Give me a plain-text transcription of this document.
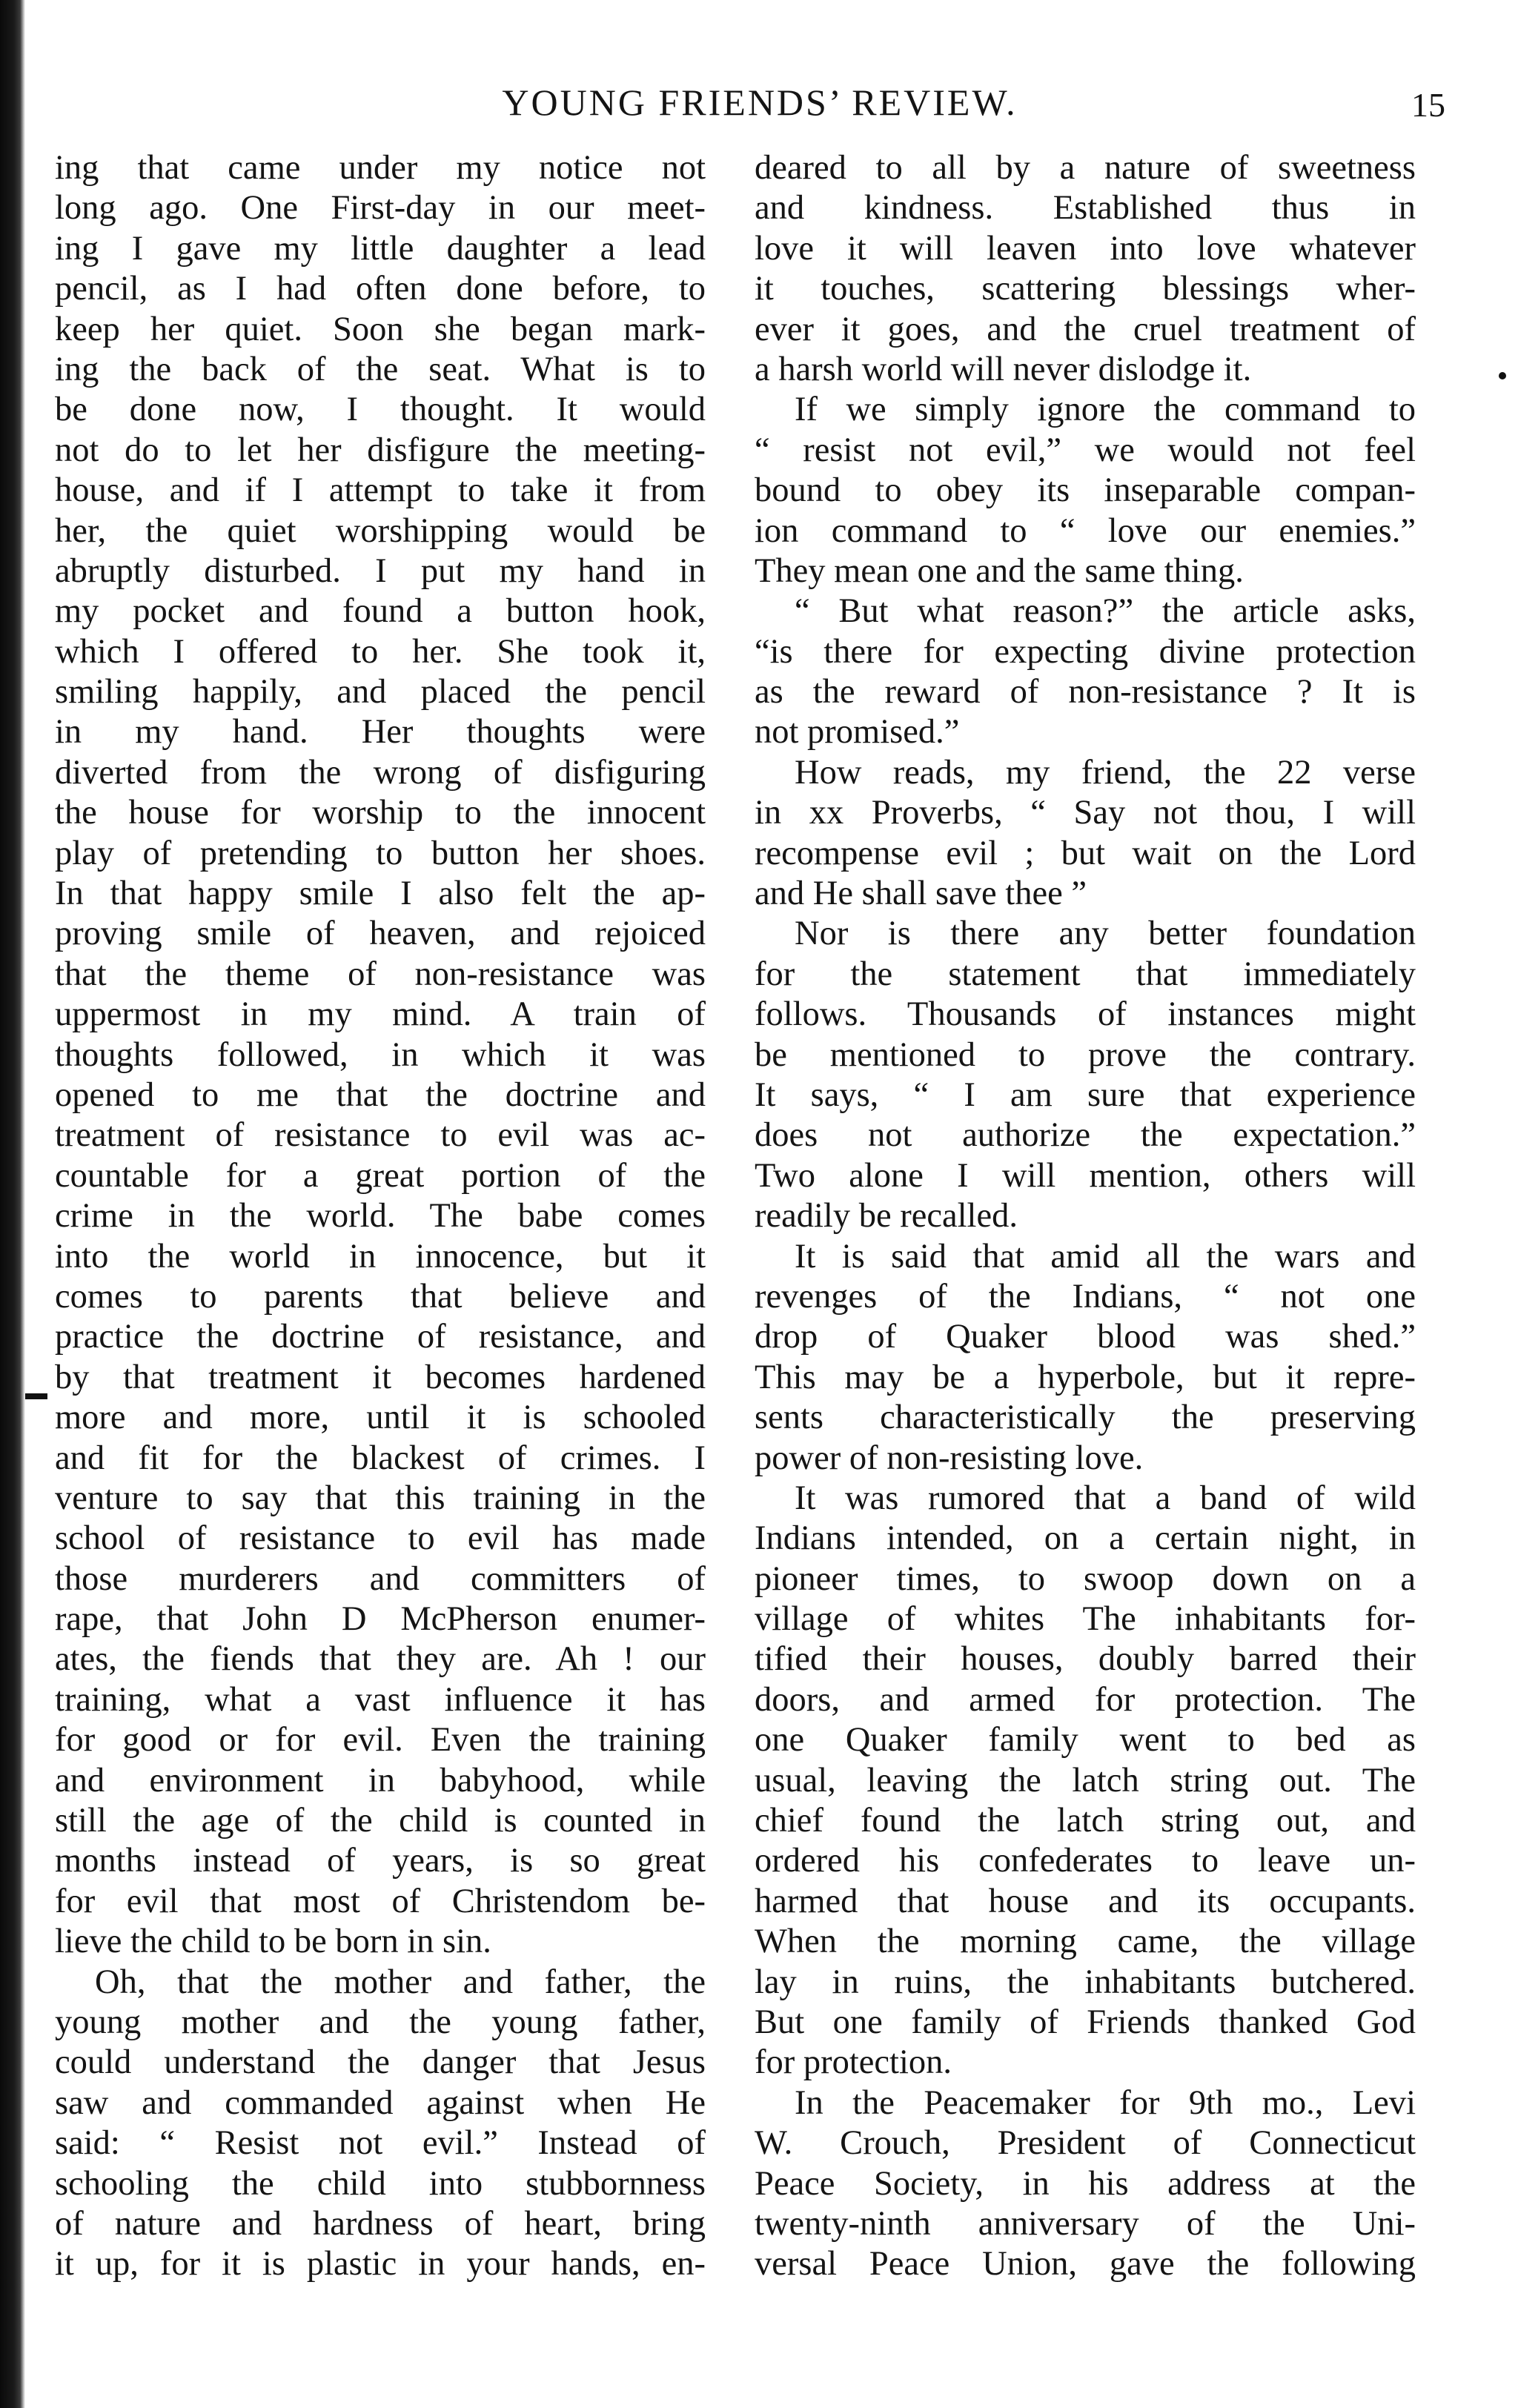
YOUNG FRIENDS’ REVIEW.	15
ing that came under my notice not
long ago. One First-day in our meet-
ing I gave my little daughter a lead
pencil, as I had often done before, to
keep her quiet. Soon she began mark-
ing the back of the seat. What is to
be done now, I thought. It would
not do to let her disfigure the meeting-
house, and if I attempt to take it from
her, the quiet worshipping would be
abruptly disturbed. I put my hand in
my pocket and found a button hook,
which I offered to her. She took it,
smiling happily, and placed the pencil
in my hand. Her thoughts were
diverted from the wrong of disfiguring
the house for worship to the innocent
play of pretending to button her shoes.
In that happy smile I also felt the ap-
proving smile of heaven, and rejoiced
that the theme of non-resistance was
uppermost in my mind. A train of
thoughts followed, in which it was
opened to me that the doctrine and
treatment of resistance to evil was ac-
countable for a great portion of the
crime in the world. The babe comes
into the world in innocence, but it
comes to parents that believe and
practice the doctrine of resistance, and
by that treatment it becomes hardened
more and more, until it is schooled
and fit for the blackest of crimes. I
venture to say that this training in the
school of resistance to evil has made
those murderers and committers of
rape, that John D McPherson enumer-
ates, the fiends that they are. Ah ! our
training, what a vast influence it has
for good or for evil. Even the training
and environment in babyhood, while
still the age of the child is counted in
months instead of years, is so great
for evil that most of Christendom be-
lieve the child to be born in sin.
Oh, that the mother and father, the
young mother and the young father,
could understand the danger that Jesus
saw and commanded against when He
said: “ Resist not evil.” Instead of
schooling the child into stubbornness
of nature and hardness of heart, bring
it up, for it is plastic in your hands, en-
deared to all by a nature of sweetness
and kindness. Established thus in
love it will leaven into love whatever
it touches, scattering blessings wher-
ever it goes, and the cruel treatment of
a harsh world will never dislodge it.
If we simply ignore the command to
“ resist not evil,” we would not feel
bound to obey its inseparable compan-
ion command to “ love our enemies.”
They mean one and the same thing.
“ But what reason?” the article asks,
“is there for expecting divine protection
as the reward of non-resistance ? It is
not promised.”
How reads, my friend, the 22 verse
in xx Proverbs, “ Say not thou, I will
recompense evil ; but wait on the Lord
and He shall save thee ”
Nor is there any better foundation
for the statement that immediately
follows. Thousands of instances might
be mentioned to prove the contrary.
It says, “ I am sure that experience
does not authorize the expectation.”
Two alone I will mention, others will
readily be recalled.
It is said that amid all the wars and
revenges of the Indians, “ not one
drop of Quaker blood was shed.”
This may be a hyperbole, but it repre-
sents characteristically the preserving
power of non-resisting love.
It was rumored that a band of wild
Indians intended, on a certain night, in
pioneer times, to swoop down on a
village of whites The inhabitants for-
tified their houses, doubly barred their
doors, and armed for protection. The
one Quaker family went to bed as
usual, leaving the latch string out. The
chief found the latch string out, and
ordered his confederates to leave un-
harmed that house and its occupants.
When the morning came, the village
lay in ruins, the inhabitants butchered.
But one family of Friends thanked God
for protection.
In the Peacemaker for 9th mo., Levi
W. Crouch, President of Connecticut
Peace Society, in his address at the
twenty-ninth anniversary of the Uni-
versal Peace Union, gave the following
